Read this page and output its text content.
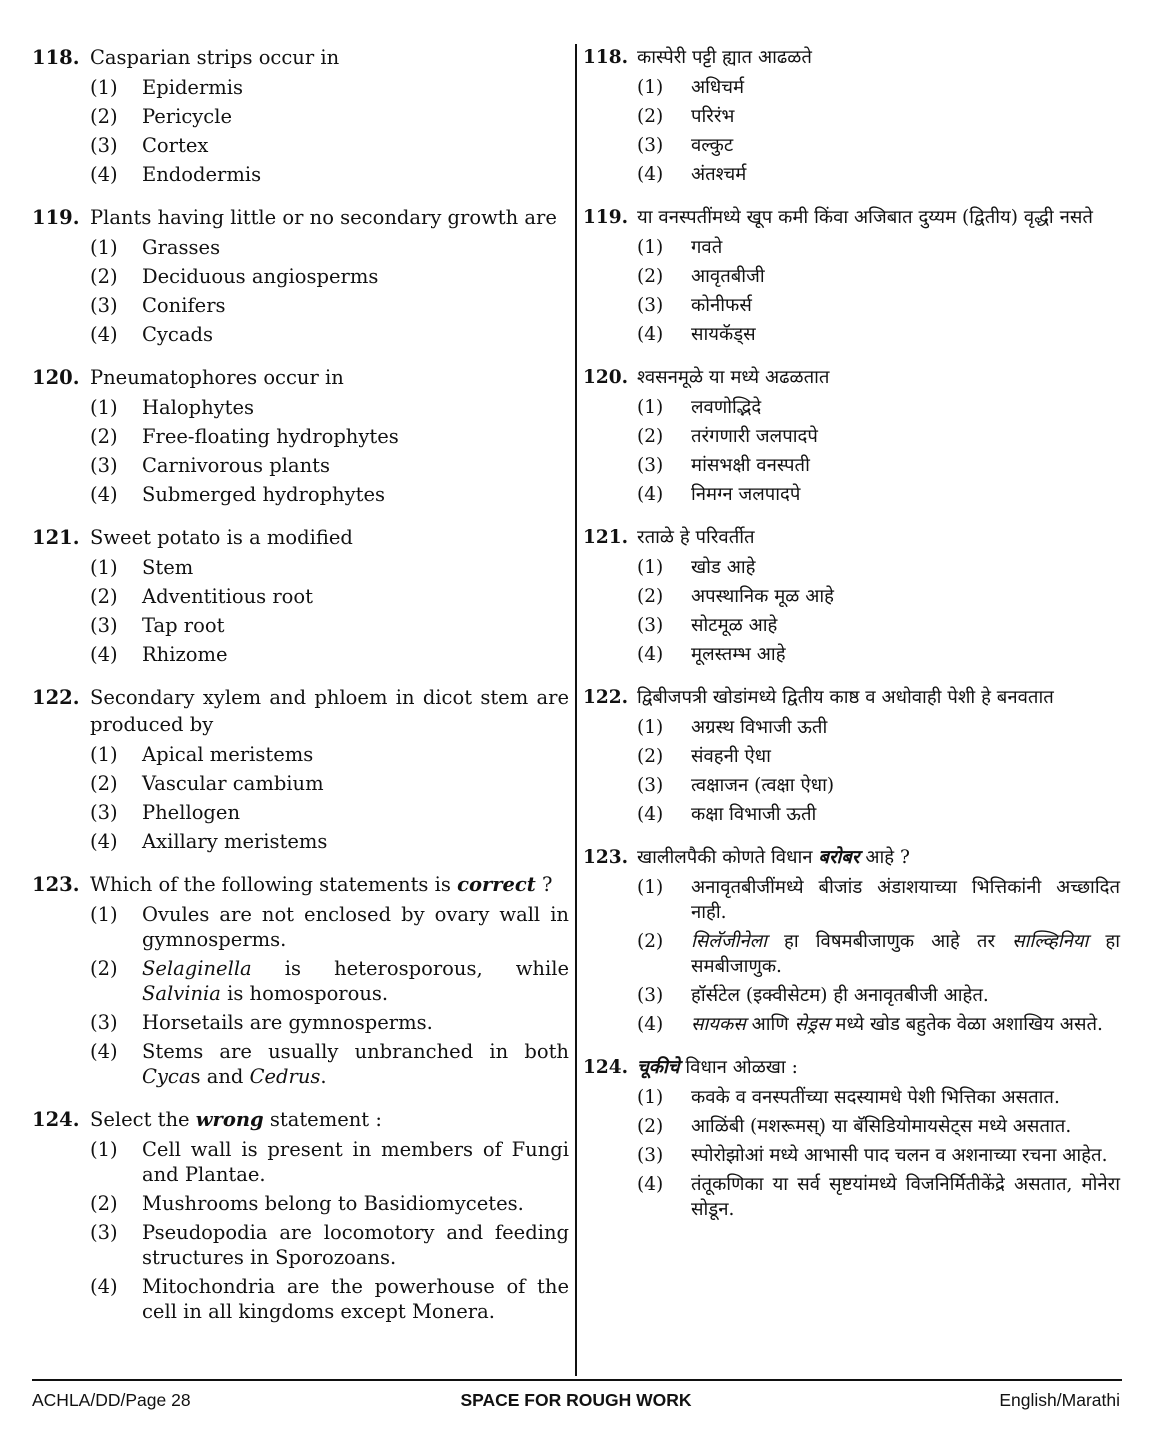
118. Casparian strips occur in
(1)	Epidermis
(2)	Pericycle
(3)	Cortex
(4)	Endodermis
119. Plants having little or no secondary growth are
(1)	Grasses
(2)	Deciduous angiosperms
(3)	Conifers
(4)	Cycads
120. Pneumatophores occur in
(1)	Halophytes
(2)	Free-floating hydrophytes
(3)	Carnivorous plants
(4)	Submerged hydrophytes
121. Sweet potato is a modified
(1)	Stem
(2)	Adventitious root
(3)	Tap root
(4)	Rhizome
122. Secondary xylem and phloem in dicot stem are produced by
(1)	Apical meristems
(2)	Vascular cambium
(3)	Phellogen
(4)	Axillary meristems
123. Which of the following statements is correct ?
(1)	Ovules are not enclosed by ovary wall in gymnosperms.
(2)	Selaginella is heterosporous, while Salvinia is homosporous.
(3)	Horsetails are gymnosperms.
(4)	Stems are usually unbranched in both Cycas and Cedrus.
124. Select the wrong statement :
(1)	Cell wall is present in members of Fungi and Plantae.
(2)	Mushrooms belong to Basidiomycetes.
(3)	Pseudopodia are locomotory and feeding structures in Sporozoans.
(4)	Mitochondria are the powerhouse of the cell in all kingdoms except Monera.
118. कास्पेरी पट्टी ह्यात आढळते
(1)	अधिचर्म
(2)	परिरंभ
(3)	वल्कुट
(4)	अंतश्चर्म
119. या वनस्पतींमध्ये खूप कमी किंवा अजिबात दुय्यम (द्वितीय) वृद्धी नसते
(1)	गवते
(2)	आवृतबीजी
(3)	कोनीफर्स
(4)	सायकॅड्स
120. श्वसनमूळे या मध्ये अढळतात
(1)	लवणोद्भिदे
(2)	तरंगणारी जलपादपे
(3)	मांसभक्षी वनस्पती
(4)	निमग्न जलपादपे
121. रताळे हे परिवर्तीत
(1)	खोड आहे
(2)	अपस्थानिक मूळ आहे
(3)	सोटमूळ आहे
(4)	मूलस्तम्भ आहे
122. द्विबीजपत्री खोडांमध्ये द्वितीय काष्ठ व अधोवाही पेशी हे बनवतात
(1)	अग्रस्थ विभाजी ऊती
(2)	संवहनी ऐधा
(3)	त्वक्षाजन (त्वक्षा ऐधा)
(4)	कक्षा विभाजी ऊती
123. खालीलपैकी कोणते विधान बरोबर आहे ?
(1)	अनावृतबीजींमध्ये बीजांड अंडाशयाच्या भित्तिकांनी अच्छादित नाही.
(2)	सिलॅजीनेला हा विषमबीजाणुक आहे तर साल्व्हिनिया हा समबीजाणुक.
(3)	हॉर्सटेल (इक्वीसेटम) ही अनावृतबीजी आहेत.
(4)	सायकस आणि सेड्रस मध्ये खोड बहुतेक वेळा अशाखिय असते.
124. चूकीचे विधान ओळखा :
(1)	कवके व वनस्पतींच्या सदस्यामधे पेशी भित्तिका असतात.
(2)	आळिंबी (मशरूमस्) या बॅसिडियोमायसेट्स मध्ये असतात.
(3)	स्पोरोझोआं मध्ये आभासी पाद चलन व अशनाच्या रचना आहेत.
(4)	तंतूकणिका या सर्व सृष्टयांमध्ये विजनिर्मितीकेंद्रे असतात, मोनेरा सोडून.
SPACE FOR ROUGH WORK
ACHLA/DD/Page 28	English/Marathi
